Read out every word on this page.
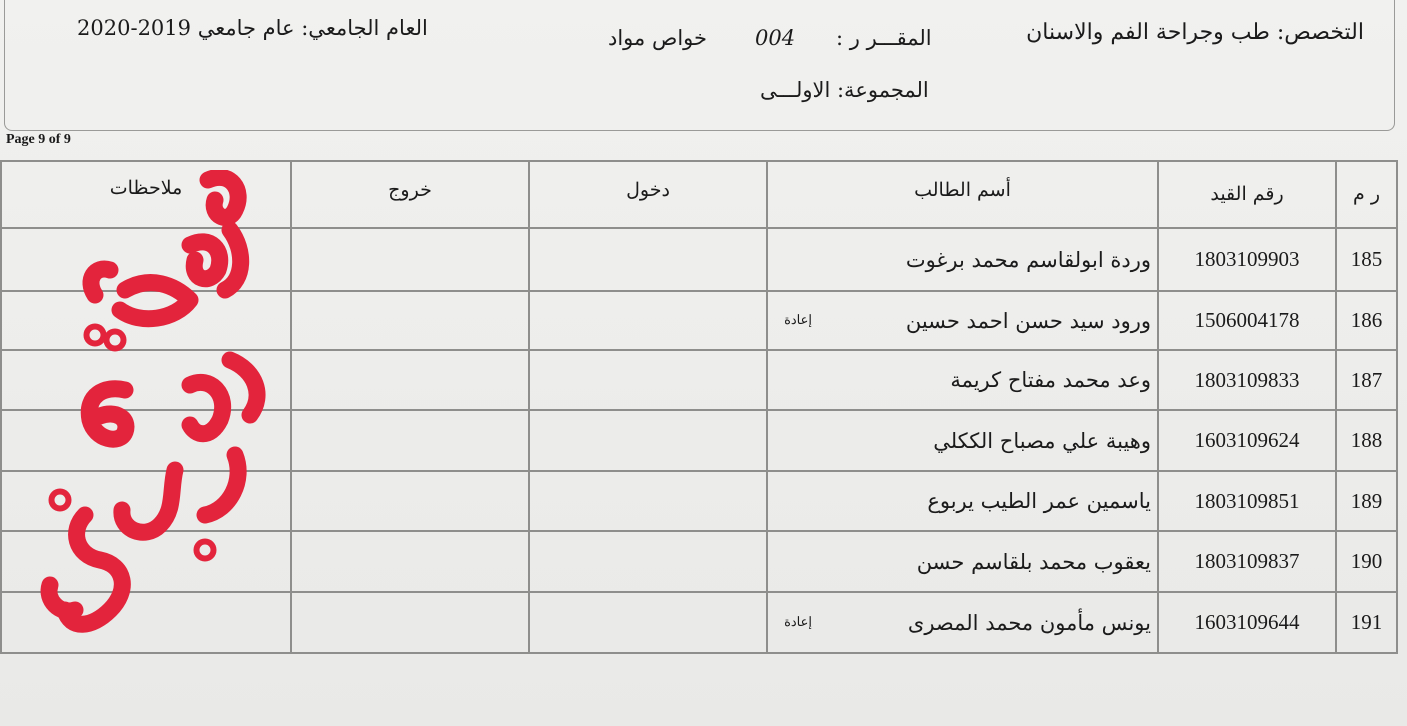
التخصص: طب وجراحة الفم والاسنان
المقـــر ر :
004
خواص مواد
العام الجامعي: عام جامعي 2019-2020
المجموعة: الاولـــى
Page 9 of 9
ر م
رقم القيد
أسم الطالب
دخول
خروج
ملاحظات
185
1803109903
وردة ابولقاسم محمد برغوت
186
1506004178
ورود سيد حسن احمد حسين
إعادة
187
1803109833
وعد محمد مفتاح كريمة
188
1603109624
وهيبة علي مصباح الككلي
189
1803109851
ياسمين عمر الطيب يربوع
190
1803109837
يعقوب محمد بلقاسم حسن
191
1603109644
يونس مأمون محمد المصرى
إعادة
